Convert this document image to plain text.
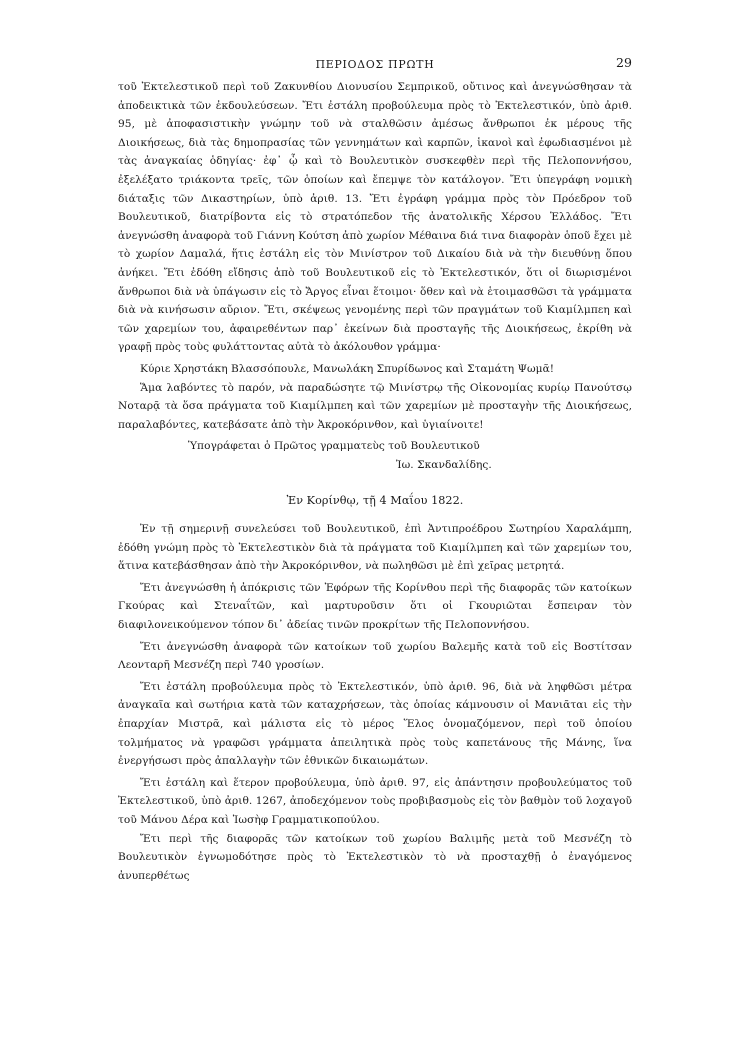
ΠΕΡΙΟΔΟΣ ΠΡΩΤΗ	29

τοῦ Ἐκτελεστικοῦ περὶ τοῦ Ζακυνθίου Διονυσίου Σεμπρικοῦ, οὔτινος καὶ ἀνεγνώσθησαν τὰ ἀποδεικτικὰ τῶν ἐκδουλεύσεων. Ἔτι ἐστάλη προβούλευμα πρὸς τὸ Ἐκτελεστικόν, ὑπὸ ἀριθ. 95, μὲ ἀποφασιστικὴν γνώμην τοῦ νὰ σταλθῶσιν ἀμέσως ἄνθρωποι ἐκ μέρους τῆς Διοικήσεως, διὰ τὰς δημοπρασίας τῶν γεννημάτων καὶ καρπῶν, ἱκανοὶ καὶ ἐφωδιασμένοι μὲ τὰς ἀναγκαίας ὁδηγίας· ἐφ᾽ ᾧ καὶ τὸ Βουλευτικὸν συσκεφθὲν περὶ τῆς Πελοποννήσου, ἐξελέξατο τριάκοντα τρεῖς, τῶν ὁποίων καὶ ἔπεμψε τὸν κατάλογον. Ἔτι ὑπεγράφη νομικὴ διάταξις τῶν Δικαστηρίων, ὑπὸ ἀριθ. 13. Ἔτι ἐγράφη γράμμα πρὸς τὸν Πρόεδρον τοῦ Βουλευτικοῦ, διατρίβοντα εἰς τὸ στρατόπεδον τῆς ἀνατολικῆς Χέρσου Ἑλλάδος. Ἔτι ἀνεγνώσθη ἀναφορὰ τοῦ Γιάννη Κούτση ἀπὸ χωρίον Μέθαινα διά τινα διαφορὰν ὁποῦ ἔχει μὲ τὸ χωρίον Δαμαλά, ἥτις ἐστάλη εἰς τὸν Μινίστρον τοῦ Δικαίου διὰ νὰ τὴν διευθύνῃ ὅπου ἀνήκει. Ἔτι ἐδόθη εἴδησις ἀπὸ τοῦ Βουλευτικοῦ εἰς τὸ Ἐκτελεστικόν, ὅτι οἱ διωρισμένοι ἄνθρωποι διὰ νὰ ὑπάγωσιν εἰς τὸ Ἄργος εἶναι ἕτοιμοι· ὅθεν καὶ νὰ ἑτοιμασθῶσι τὰ γράμματα διὰ νὰ κινήσωσιν αὔριον. Ἔτι, σκέψεως γενομένης περὶ τῶν πραγμάτων τοῦ Κιαμίλμπεη καὶ τῶν χαρεμίων του, ἀφαιρεθέντων παρ᾽ ἐκείνων διὰ προσταγῆς τῆς Διοικήσεως, ἐκρίθη νὰ γραφῇ πρὸς τοὺς φυλάττοντας αὐτὰ τὸ ἀκόλουθον γράμμα·

Κύριε Χρηστάκη Βλασσόπουλε, Μανωλάκη Σπυρίδωνος καὶ Σταμάτη Ψωμᾶ!

Ἅμα λαβόντες τὸ παρόν, νὰ παραδώσητε τῷ Μινίστρῳ τῆς Οἰκονομίας κυρίῳ Πανούτσῳ Νοταρᾷ τὰ ὅσα πράγματα τοῦ Κιαμίλμπεη καὶ τῶν χαρεμίων μὲ προσταγὴν τῆς Διοικήσεως, παραλαβόντες, κατεβάσατε ἀπὸ τὴν Ἀκροκόρινθον, καὶ ὑγιαίνοιτε!

Ὑπογράφεται ὁ Πρῶτος γραμματεὺς τοῦ Βουλευτικοῦ
Ἰω. Σκανδαλίδης.
Ἐν Κορίνθῳ, τῇ 4 Μαΐου 1822.

Ἐν τῇ σημερινῇ συνελεύσει τοῦ Βουλευτικοῦ, ἐπὶ Ἀντιπροέδρου Σωτηρίου Χαραλάμπη, ἐδόθη γνώμη πρὸς τὸ Ἐκτελεστικὸν διὰ τὰ πράγματα τοῦ Κιαμίλμπεη καὶ τῶν χαρεμίων του, ἅτινα κατεβάσθησαν ἀπὸ τὴν Ἀκροκόρινθον, νὰ πωληθῶσι μὲ ἐπὶ χεῖρας μετρητά.

Ἔτι ἀνεγνώσθη ἡ ἀπόκρισις τῶν Ἐφόρων τῆς Κορίνθου περὶ τῆς διαφορᾶς τῶν κατοίκων Γκούρας καὶ Στεναΐτῶν, καὶ μαρτυροῦσιν ὅτι οἱ Γκουριῶται ἔσπειραν τὸν διαφιλονεικούμενον τόπον δι᾽ ἀδείας τινῶν προκρίτων τῆς Πελοποννήσου.

Ἔτι ἀνεγνώσθη ἀναφορὰ τῶν κατοίκων τοῦ χωρίου Βαλεμῆς κατὰ τοῦ εἰς Βοστίτσαν Λεονταρῆ Μεσνέζη περὶ 740 γροσίων.

Ἔτι ἐστάλη προβούλευμα πρὸς τὸ Ἐκτελεστικόν, ὑπὸ ἀριθ. 96, διὰ νὰ ληφθῶσι μέτρα ἀναγκαῖα καὶ σωτήρια κατὰ τῶν καταχρήσεων, τὰς ὁποίας κάμνουσιν οἱ Μανιᾶται εἰς τὴν ἐπαρχίαν Μιστρᾶ, καὶ μάλιστα εἰς τὸ μέρος Ἕλος ὀνομαζόμενον, περὶ τοῦ ὁποίου τολμήματος νὰ γραφῶσι γράμματα ἀπειλητικὰ πρὸς τοὺς καπετάνους τῆς Μάνης, ἵνα ἐνεργήσωσι πρὸς ἀπαλλαγὴν τῶν ἐθνικῶν δικαιωμάτων.

Ἔτι ἐστάλη καὶ ἕτερον προβούλευμα, ὑπὸ ἀριθ. 97, εἰς ἀπάντησιν προβουλεύματος τοῦ Ἐκτελεστικοῦ, ὑπὸ ἀριθ. 1267, ἀποδεχόμενον τοὺς προβιβασμοὺς εἰς τὸν βαθμὸν τοῦ λοχαγοῦ τοῦ Μάνου Δέρα καὶ Ἰωσὴφ Γραμματικοπούλου.

Ἔτι περὶ τῆς διαφορᾶς τῶν κατοίκων τοῦ χωρίου Βαλιμῆς μετὰ τοῦ Μεσνέζη τὸ Βουλευτικὸν ἐγνωμοδότησε πρὸς τὸ Ἐκτελεστικὸν τὸ νὰ προσταχθῇ ὁ ἐναγόμενος ἀνυπερθέτως
